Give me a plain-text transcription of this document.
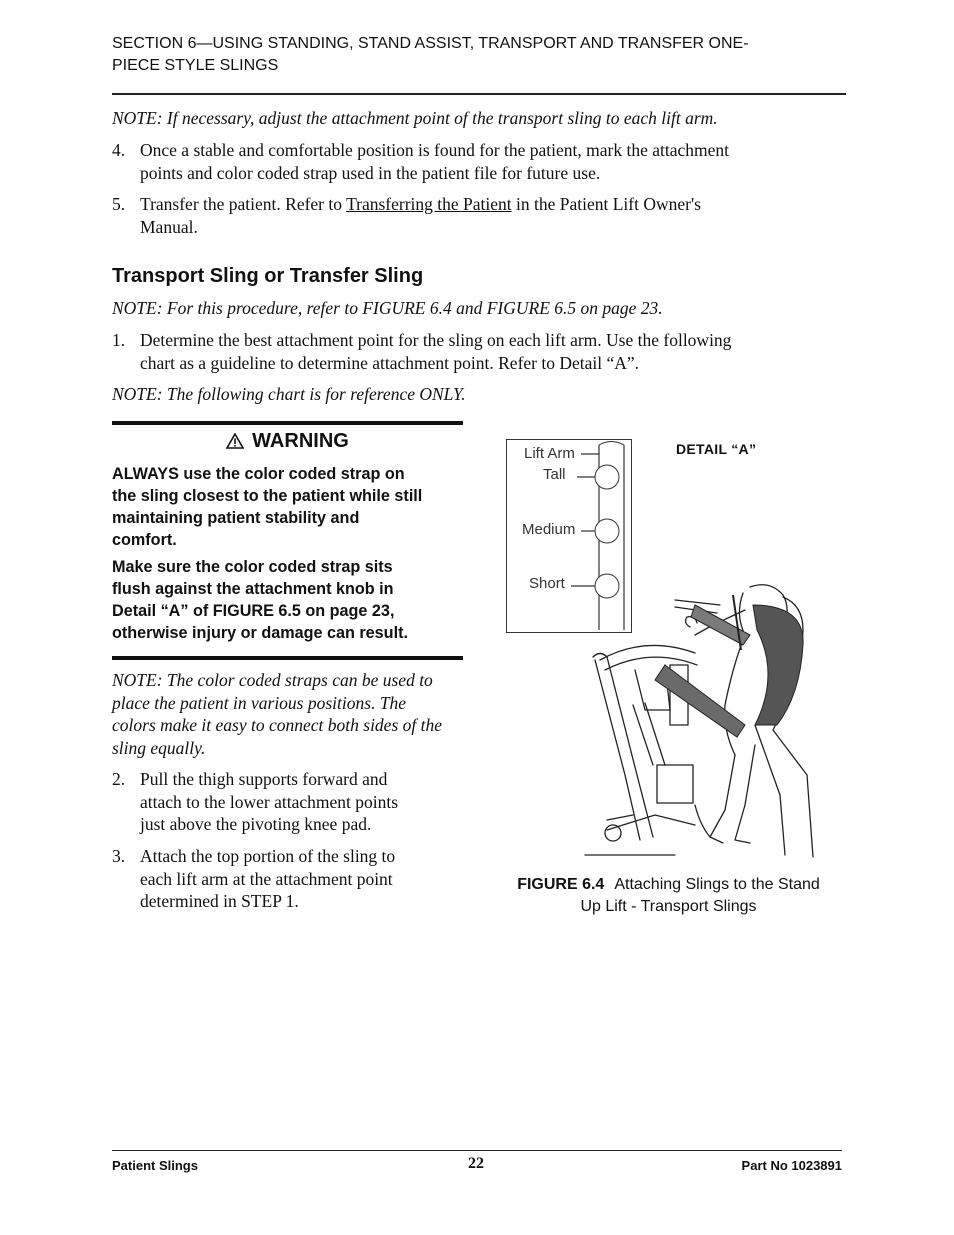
SECTION 6—USING STANDING, STAND ASSIST, TRANSPORT AND TRANSFER ONE-
PIECE STYLE SLINGS
NOTE: If necessary, adjust the attachment point of the transport sling to each lift arm.
4. Once a stable and comfortable position is found for the patient, mark the attachment
points and color coded strap used in the patient file for future use.
5. Transfer the patient. Refer to Transferring the Patient in the Patient Lift Owner's
Manual.
Transport Sling or Transfer Sling
NOTE: For this procedure, refer to FIGURE 6.4 and FIGURE 6.5 on page 23.
1. Determine the best attachment point for the sling on each lift arm. Use the following
chart as a guideline to determine attachment point. Refer to Detail “A”.
NOTE: The following chart is for reference ONLY.
WARNING
ALWAYS use the color coded strap on
the sling closest to the patient while still
maintaining patient stability and
comfort.
Make sure the color coded strap sits
flush against the attachment knob in
Detail “A” of FIGURE 6.5 on page 23,
otherwise injury or damage can result.
NOTE: The color coded straps can be used to
place the patient in various positions. The
colors make it easy to connect both sides of the
sling equally.
2. Pull the thigh supports forward and
attach to the lower attachment points
just above the pivoting knee pad.
3. Attach the top portion of the sling to
each lift arm at the attachment point
determined in STEP 1.
Lift Arm
Tall
Medium
Short
DETAIL “A”
FIGURE 6.4 Attaching Slings to the Stand
Up Lift - Transport Slings
Patient Slings	22	Part No 1023891
